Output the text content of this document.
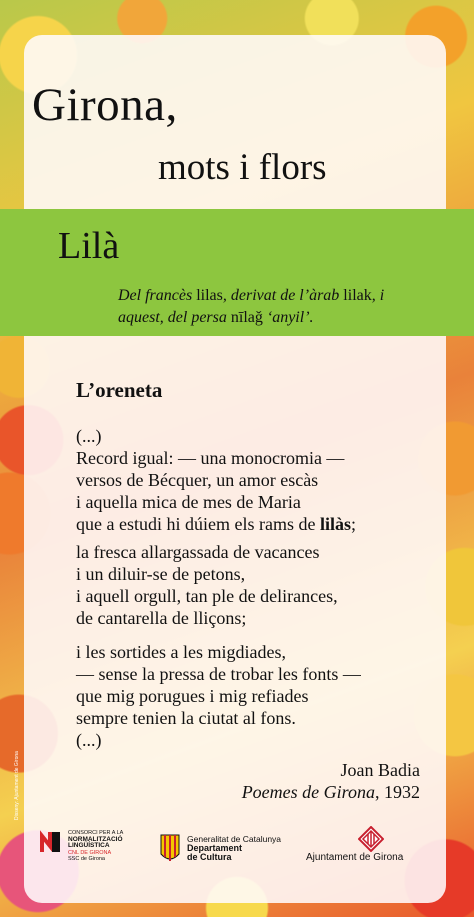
Girona,
mots i flors
Lilà
Del francès lilas, derivat de l’àrab lilak, i
aquest, del persa nīlaǧ ‘anyil’.
L’oreneta
(...)
Record igual: — una monocromia —
versos de Bécquer, un amor escàs
i aquella mica de mes de Maria
que a estudi hi dúiem els rams de lilàs;
la fresca allargassada de vacances
i un diluir-se de petons,
i aquell orgull, tan ple de delirances,
de cantarella de lliçons;
i les sortides a les migdiades,
— sense la pressa de trobar les fonts —
que mig porugues i mig refiades
sempre tenien la ciutat al fons.
(...)
Joan Badia
Poemes de Girona, 1932
Disseny: Ajuntament de Girona
CONSORCI PER A LA
NORMALITZACIÓ
LINGÜÍSTICA
CNL DE GIRONA
SSC de Girona
Generalitat de Catalunya
Departament
de Cultura	Ajuntament de Girona
